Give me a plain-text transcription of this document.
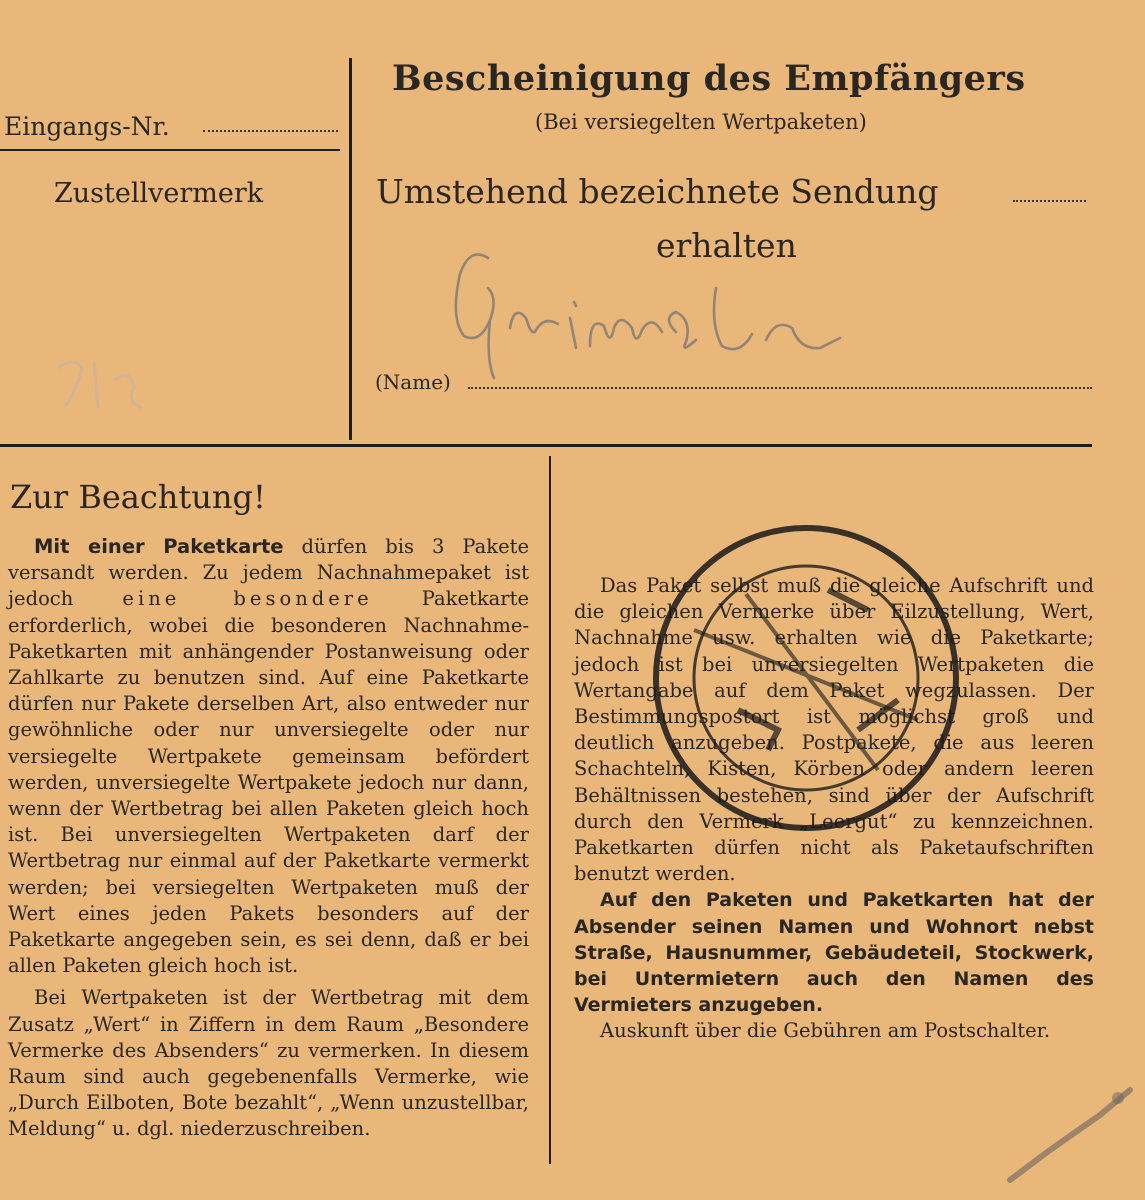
Eingangs-Nr.
Zustellvermerk
Bescheinigung des Empfängers
(Bei versiegelten Wertpaketen)
Umstehend bezeichnete Sendung
erhalten
(Name)
Zur Beachtung!

Mit einer Paketkarte dürfen bis 3 Pakete versandt werden. Zu jedem Nachnahmepaket ist jedoch eine besondere Paketkarte erforderlich, wobei die besonderen Nachnahme-Paketkarten mit anhängender Postanweisung oder Zahlkarte zu benutzen sind. Auf eine Paketkarte dürfen nur Pakete derselben Art, also entweder nur gewöhnliche oder nur unversiegelte oder nur versiegelte Wertpakete gemeinsam befördert werden, unversiegelte Wertpakete jedoch nur dann, wenn der Wertbetrag bei allen Paketen gleich hoch ist. Bei unversiegelten Wertpaketen darf der Wertbetrag nur einmal auf der Paketkarte vermerkt werden; bei versiegelten Wertpaketen muß der Wert eines jeden Pakets besonders auf der Paketkarte angegeben sein, es sei denn, daß er bei allen Paketen gleich hoch ist.

Bei Wertpaketen ist der Wertbetrag mit dem Zusatz „Wert“ in Ziffern in dem Raum „Besondere Vermerke des Absenders“ zu vermerken. In diesem Raum sind auch gegebenenfalls Vermerke, wie „Durch Eilboten, Bote bezahlt“, „Wenn unzustellbar, Meldung“ u. dgl. niederzuschreiben.

Das Paket selbst muß die gleiche Aufschrift und die gleichen Vermerke über Eilzustellung, Wert, Nachnahme usw. erhalten wie die Paketkarte; jedoch ist bei unversiegelten Wertpaketen die Wertangabe auf dem Paket wegzulassen. Der Bestimmungspostort ist möglichst groß und deutlich anzugeben. Postpakete, die aus leeren Schachteln, Kisten, Körben oder andern leeren Behältnissen bestehen, sind über der Aufschrift durch den Vermerk „Leergut“ zu kennzeichnen. Paketkarten dürfen nicht als Paketaufschriften benutzt werden.

Auf den Paketen und Paketkarten hat der Absender seinen Namen und Wohnort nebst Straße, Hausnummer, Gebäudeteil, Stockwerk, bei Untermietern auch den Namen des Vermieters anzugeben.

Auskunft über die Gebühren am Postschalter.
